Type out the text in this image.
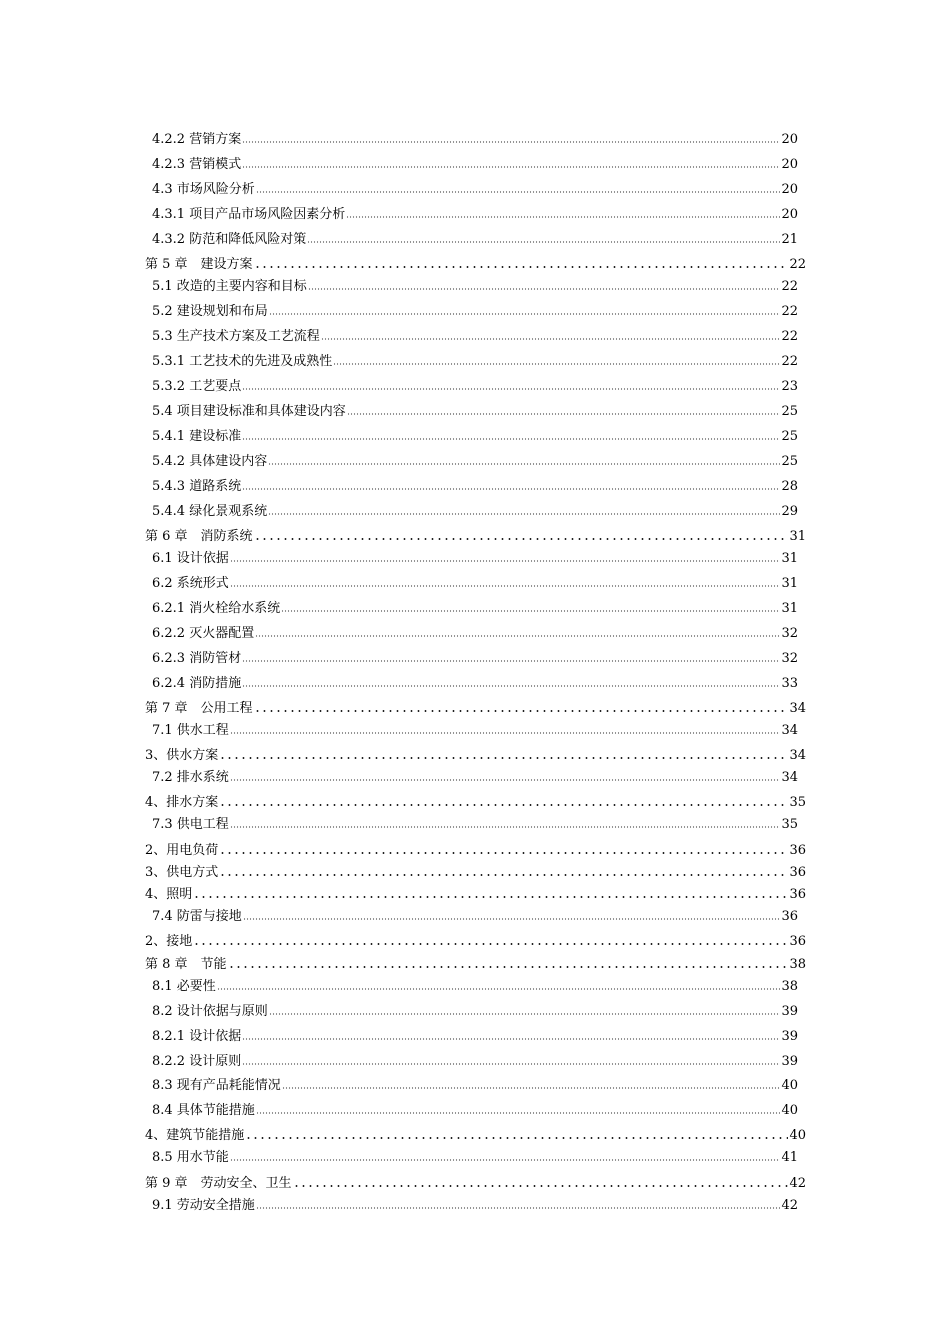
4.2.2 营销方案	20
4.2.3 营销模式	20
4.3 市场风险分析	20
4.3.1 项目产品市场风险因素分析	20
4.3.2 防范和降低风险对策	21
第 5 章　建设方案	22
5.1 改造的主要内容和目标	22
5.2 建设规划和布局	22
5.3 生产技术方案及工艺流程	22
5.3.1 工艺技术的先进及成熟性	22
5.3.2 工艺要点	23
5.4 项目建设标准和具体建设内容	25
5.4.1 建设标准	25
5.4.2 具体建设内容	25
5.4.3 道路系统	28
5.4.4 绿化景观系统	29
第 6 章　消防系统	31
6.1 设计依据	31
6.2 系统形式	31
6.2.1 消火栓给水系统	31
6.2.2 灭火器配置	32
6.2.3 消防管材	32
6.2.4 消防措施	33
第 7 章　公用工程	34
7.1 供水工程	34
3、供水方案	34
7.2 排水系统	34
4、排水方案	35
7.3 供电工程	35
2、用电负荷	36
3、供电方式	36
4、照明	36
7.4 防雷与接地	36
2、接地	36
第 8 章　节能	38
8.1 必要性	38
8.2 设计依据与原则	39
8.2.1 设计依据	39
8.2.2 设计原则	39
8.3 现有产品耗能情况	40
8.4 具体节能措施	40
4、建筑节能措施	40
8.5 用水节能	41
第 9 章　劳动安全、卫生	42
9.1 劳动安全措施	42
